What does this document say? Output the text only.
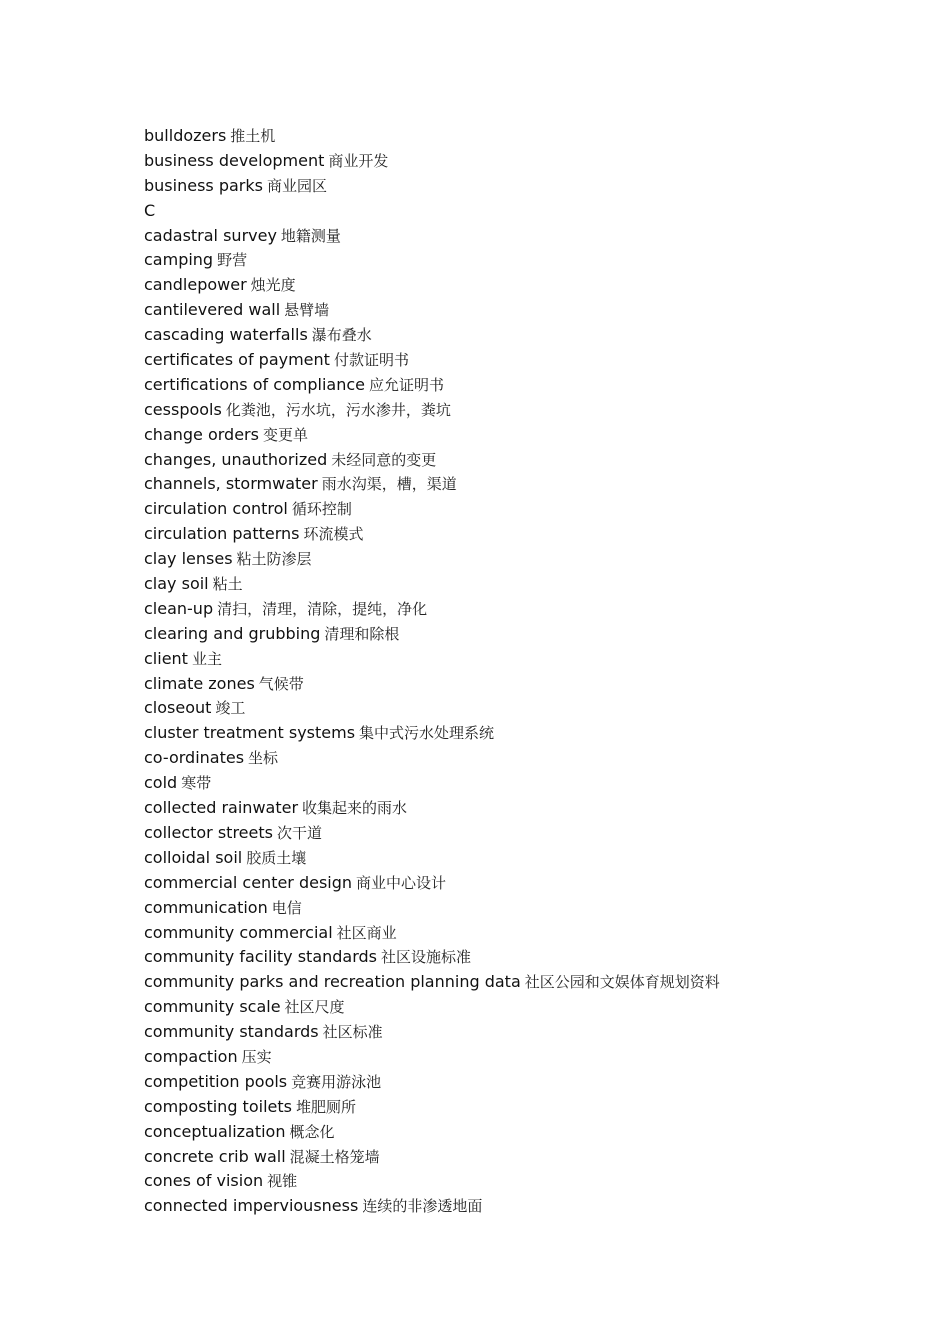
bulldozers 推土机
business development 商业开发
business parks 商业园区
C
cadastral survey 地籍测量
camping 野营
candlepower 烛光度
cantilevered wall 悬臂墙
cascading waterfalls 瀑布叠水
certificates of payment 付款证明书
certifications of compliance 应允证明书
cesspools 化粪池，污水坑，污水渗井，粪坑
change orders 变更单
changes, unauthorized 未经同意的变更
channels, stormwater 雨水沟渠，槽，渠道
circulation control 循环控制
circulation patterns 环流模式
clay lenses 粘土防渗层
clay soil 粘土
clean-up 清扫，清理，清除，提纯，净化
clearing and grubbing 清理和除根
client 业主
climate zones 气候带
closeout 竣工
cluster treatment systems 集中式污水处理系统
co-ordinates 坐标
cold 寒带
collected rainwater 收集起来的雨水
collector streets 次干道
colloidal soil 胶质土壤
commercial center design 商业中心设计
communication 电信
community commercial 社区商业
community facility standards 社区设施标准
community parks and recreation planning data 社区公园和文娱体育规划资料
community scale 社区尺度
community standards 社区标准
compaction 压实
competition pools 竞赛用游泳池
composting toilets 堆肥厕所
conceptualization 概念化
concrete crib wall 混凝土格笼墙
cones of vision 视锥
connected imperviousness 连续的非渗透地面
